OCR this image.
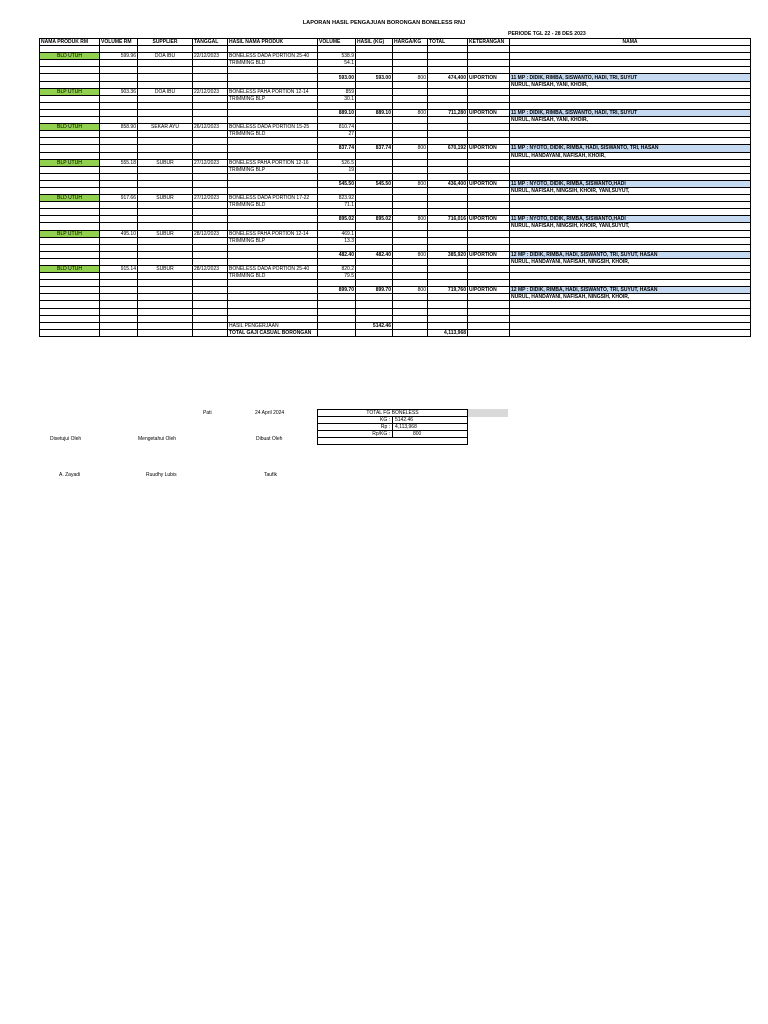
LAPORAN HASIL PENGAJUAN BORONGAN BONELESS RNJ
PERIODE TGL 22 - 28 DES 2023
NAMA PRODUK RM	VOLUME RM	SUPPLIER	TANGGAL	HASIL NAMA PRODUK	VOLUME	HASIL (KG)	HARGA/KG	TOTAL	KETERANGAN	NAMA

BLD UTUH	599.96	DOA IBU	22/12/2023	BONELESS DADA PORTION 25-40	538.9					
				TRIMMING BLD	54.1					

					593.00	593.00	800	474,400	U/PORTION	11 MP : DIDIK, RIMBA, SISWANTO, HADI, TRI, SUYUT
										NURUL, NAFISAH, YANI, KHOIR,
BLP UTUH	903.36	DOA IBU	22/12/2023	BONELESS PAHA PORTION 12-14	859					
				TRIMMING BLP	30.1					

					889.10	889.10	800	711,280	U/PORTION	11 MP : DIDIK, RIMBA, SISWANTO, HADI, TRI, SUYUT
										NURUL, NAFISAH, YANI, KHOIR,
BLD UTUH	858.90	SEKAR AYU	26/12/2023	BONELESS DADA PORTION 15-25	810.74					
				TRIMMING BLD	27					

					837.74	837.74	800	670,192	U/PORTION	11 MP : NYOTO, DIDIK, RIMBA, HADI, SISWANTO, TRI, HASAN
										NURUL, HANDAYANI, NAFISAH, KHOIR,
BLP UTUH	555.18	SUBUR	27/12/2023	BONELESS PAHA PORTION 12-16	526.5					
				TRIMMING BLP	19					

					545.50	545.50	800	436,400	U/PORTION	11 MP : NYOTO, DIDIK, RIMBA, SISWANTO,HADI
										NURUL, NAFISAH, NINGSIH, KHOIR, YANI,SUYUT,
BLD UTUH	917.66	SUBUR	27/12/2023	BONELESS DADA PORTION 17-22	823.92					
				TRIMMING BLD	71.1					

					895.02	895.02	800	716,016	U/PORTION	11 MP : NYOTO, DIDIK, RIMBA, SISWANTO,HADI
										NURUL, NAFISAH, NINGSIH, KHOIR, YANI,SUYUT,
BLP UTUH	495.10	SUBUR	28/12/2023	BONELESS PAHA PORTION 12-14	469.1					
				TRIMMING BLP	13.3					

					482.40	482.40	800	385,920	U/PORTION	12 MP : DIDIK, RIMBA, HADI, SISWANTO, TRI, SUYUT, HASAN
										NURUL, HANDAYANI, NAFISAH, NINGSIH, KHOIR,
BLD UTUH	915.14	SUBUR	28/12/2023	BONELESS DADA PORTION 25-40	820.2					
				TRIMMING BLD	79.5					

					899.70	899.70	800	719,760	U/PORTION	12 MP : DIDIK, RIMBA, HADI, SISWANTO, TRI, SUYUT, HASAN
										NURUL, HANDAYANI, NAFISAH, NINGSIH, KHOIR,

				HASIL PENGERJAAN		5142.46				
				TOTAL GAJI CASUAL BORONGAN				4,113,968		
Pati	24 April 2024
Disetujui Oleh	Mengetahui Oleh	Dibuat Oleh
A. Zayadi	Ruudhy Lubis	Taufik
TOTAL FG BONELESS	
KG :	5142.46
Rp :	4,113,968
Rp/KG :	800
